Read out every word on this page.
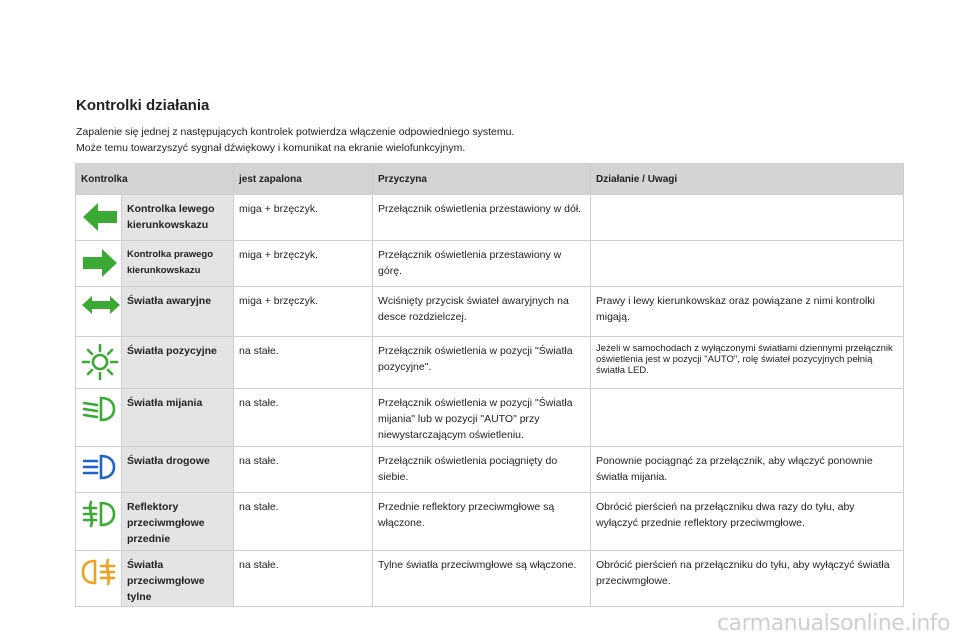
Kontrolki działania

Zapalenie się jednej z następujących kontrolek potwierdza włączenie odpowiedniego systemu.

Może temu towarzyszyć sygnał dźwiękowy i komunikat na ekranie wielofunkcyjnym.

Kontrolka		jest zapalona	Przyczyna	Działanie / Uwagi
	Kontrolka lewego kierunkowskazu	miga + brzęczyk.	Przełącznik oświetlenia przestawiony w dół.	
	Kontrolka prawego kierunkowskazu	miga + brzęczyk.	Przełącznik oświetlenia przestawiony w górę.	
	Światła awaryjne	miga + brzęczyk.	Wciśnięty przycisk świateł awaryjnych na desce rozdzielczej.	Prawy i lewy kierunkowskaz oraz powiązane z nimi kontrolki migają.
	Światła pozycyjne	na stałe.	Przełącznik oświetlenia w pozycji "Światła pozycyjne".	Jeżeli w samochodach z wyłączonymi światłami dziennymi przełącznik oświetlenia jest w pozycji "AUTO", rolę świateł pozycyjnych pełnią światła LED.
	Światła mijania	na stałe.	Przełącznik oświetlenia w pozycji "Światła mijania" lub w pozycji "AUTO" przy niewystarczającym oświetleniu.	
	Światła drogowe	na stałe.	Przełącznik oświetlenia pociągnięty do siebie.	Ponownie pociągnąć za przełącznik, aby włączyć ponownie światła mijania.
	Reflektory przeciwmgłowe przednie	na stałe.	Przednie reflektory przeciwmgłowe są włączone.	Obrócić pierścień na przełączniku dwa razy do tyłu, aby wyłączyć przednie reflektory przeciwmgłowe.
	Światła przeciwmgłowe tylne	na stałe.	Tylne światła przeciwmgłowe są włączone.	Obrócić pierścień na przełączniku do tyłu, aby wyłączyć światła przeciwmgłowe.
carmanualsonline.info
